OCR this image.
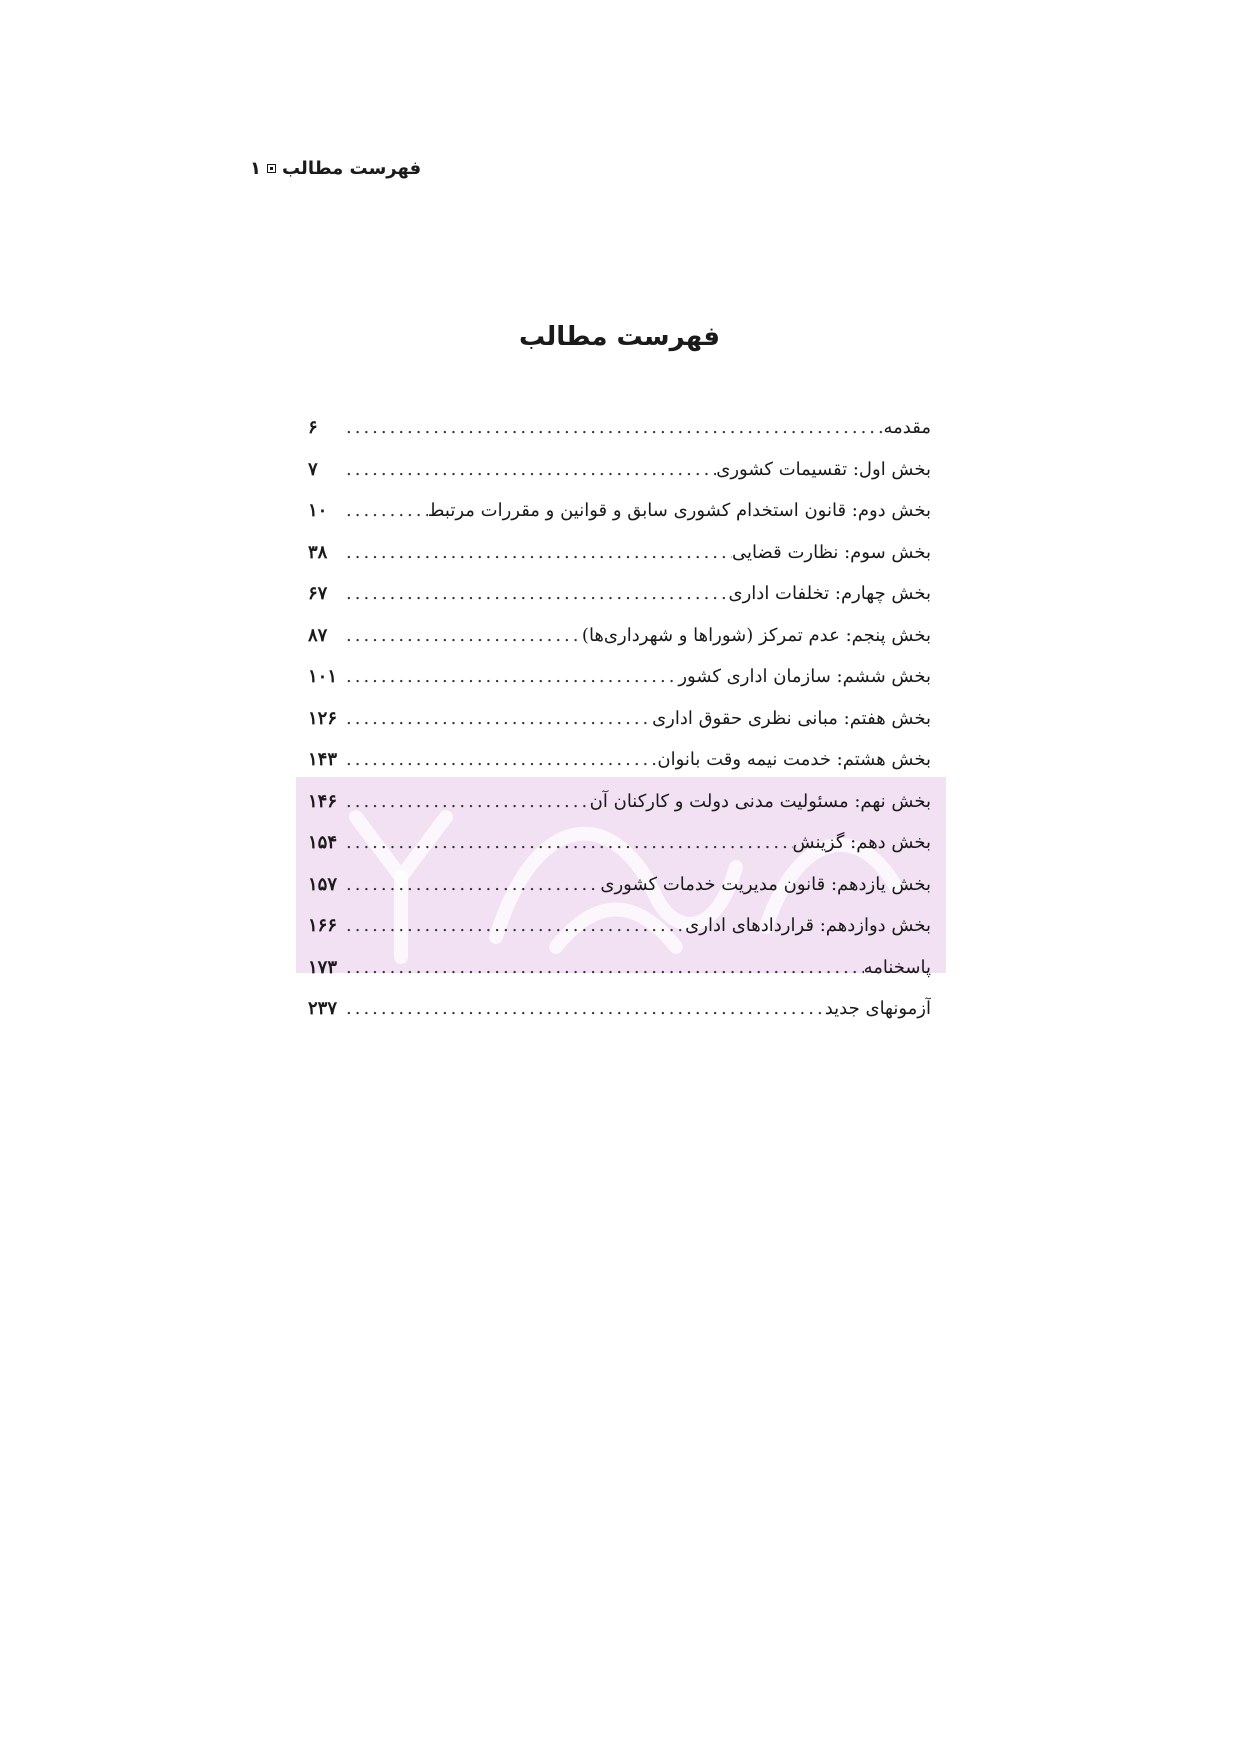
فهرست مطالب
۱
فهرست مطالب
مقدمه
.....
۶
بخش اول: تقسیمات کشوری
.....
۷
بخش دوم: قانون استخدام کشوری سابق و قوانین و مقررات مرتبط
.....
۱۰
بخش سوم: نظارت قضایی
.....
۳۸
بخش چهارم: تخلفات اداری
.....
۶۷
بخش پنجم: عدم تمرکز (شوراها و شهرداری‌ها)
.....
۸۷
بخش ششم: سازمان اداری کشور
.....
۱۰۱
بخش هفتم: مبانی نظری حقوق اداری
.....
۱۲۶
بخش هشتم: خدمت نیمه وقت بانوان
.....
۱۴۳
بخش نهم: مسئولیت مدنی دولت و کارکنان آن
.....
۱۴۶
بخش دهم: گزینش
.....
۱۵۴
بخش یازدهم: قانون مدیریت خدمات کشوری
.....
۱۵۷
بخش دوازدهم: قراردادهای اداری
.....
۱۶۶
پاسخنامه
.....
۱۷۳
آزمونهای جدید
.....
۲۳۷
